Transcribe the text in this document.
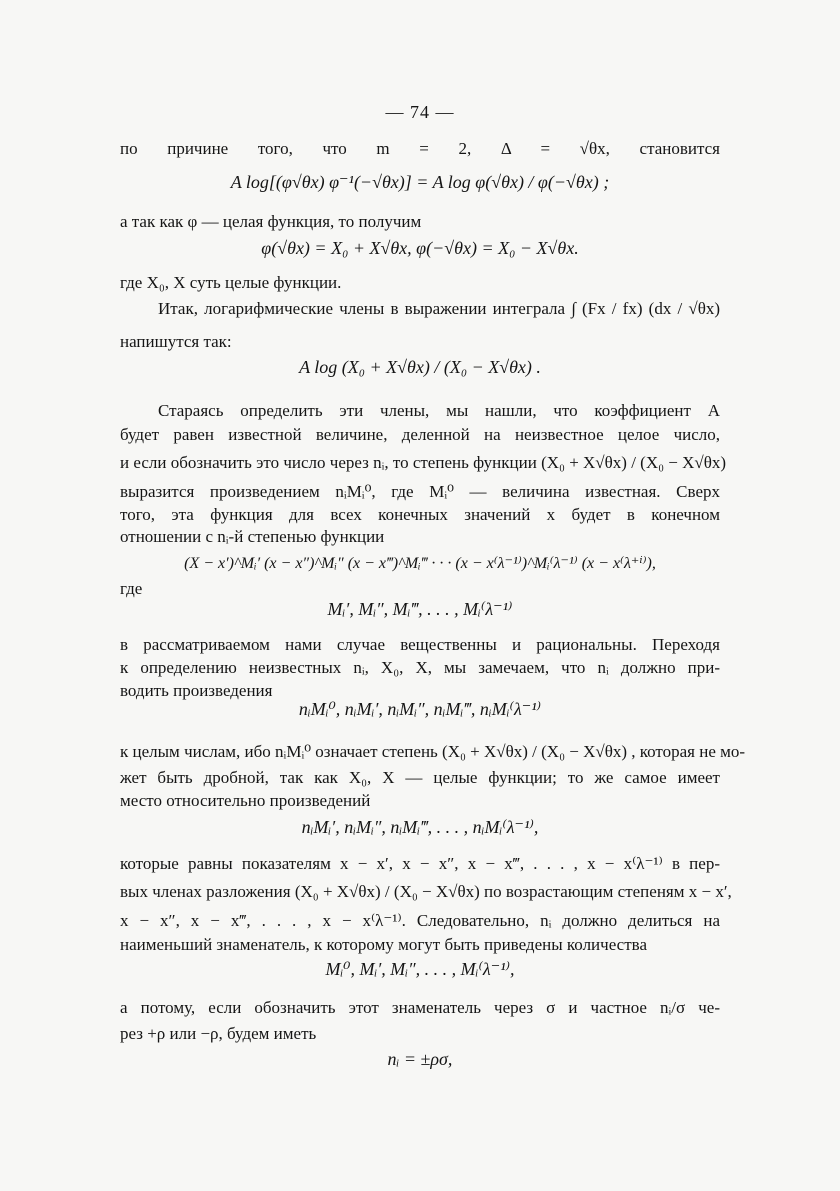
— 74 —
по причине того, что m = 2, Δ = √θx, становится
A log[(φ√θx) φ⁻¹(−√θx)] = A log φ(√θx) / φ(−√θx) ;
а так как φ — целая функция, то получим
φ(√θx) = X₀ + X√θx, φ(−√θx) = X₀ − X√θx.
где X₀, X суть целые функции.
Итак, логарифмические члены в выражении интеграла ∫ (Fx / fx) (dx / √θx)
напишутся так:
A log (X₀ + X√θx) / (X₀ − X√θx) .
Стараясь определить эти члены, мы нашли, что коэффициент A
будет равен известной величине, деленной на неизвестное целое число,
и если обозначить это число через nᵢ, то степень функции (X₀ + X√θx) / (X₀ − X√θx)
выразится произведением nᵢMᵢ⁰, где Mᵢ⁰ — величина известная. Сверх
того, эта функция для всех конечных значений x будет в конечном
отношении с nᵢ-й степенью функции
(X − x′)^Mᵢ′ (x − x″)^Mᵢ″ (x − x‴)^Mᵢ‴ · · · (x − x⁽λ⁻¹⁾)^Mᵢ⁽λ⁻¹⁾ (x − x⁽λ⁺ⁱ⁾),
где
Mᵢ′, Mᵢ″, Mᵢ‴, . . . , Mᵢ⁽λ⁻¹⁾
в рассматриваемом нами случае вещественны и рациональны. Переходя
к определению неизвестных nᵢ, X₀, X, мы замечаем, что nᵢ должно при-
водить произведения
nᵢMᵢ⁰, nᵢMᵢ′, nᵢMᵢ″, nᵢMᵢ‴, nᵢMᵢ⁽λ⁻¹⁾
к целым числам, ибо nᵢMᵢ⁰ означает степень (X₀ + X√θx) / (X₀ − X√θx) , которая не мо-
жет быть дробной, так как X₀, X — целые функции; то же самое имеет
место относительно произведений
nᵢMᵢ′, nᵢMᵢ″, nᵢMᵢ‴, . . . , nᵢMᵢ⁽λ⁻¹⁾,
которые равны показателям x − x′, x − x″, x − x‴, . . . , x − x⁽λ⁻¹⁾ в пер-
вых членах разложения (X₀ + X√θx) / (X₀ − X√θx) по возрастающим степеням x − x′,
x − x″, x − x‴, . . . , x − x⁽λ⁻¹⁾. Следовательно, nᵢ должно делиться на
наименьший знаменатель, к которому могут быть приведены количества
Mᵢ⁰, Mᵢ′, Mᵢ″, . . . , Mᵢ⁽λ⁻¹⁾,
а потому, если обозначить этот знаменатель через σ и частное nᵢ/σ че-
рез +ρ или −ρ, будем иметь
nᵢ = ±ρσ,
